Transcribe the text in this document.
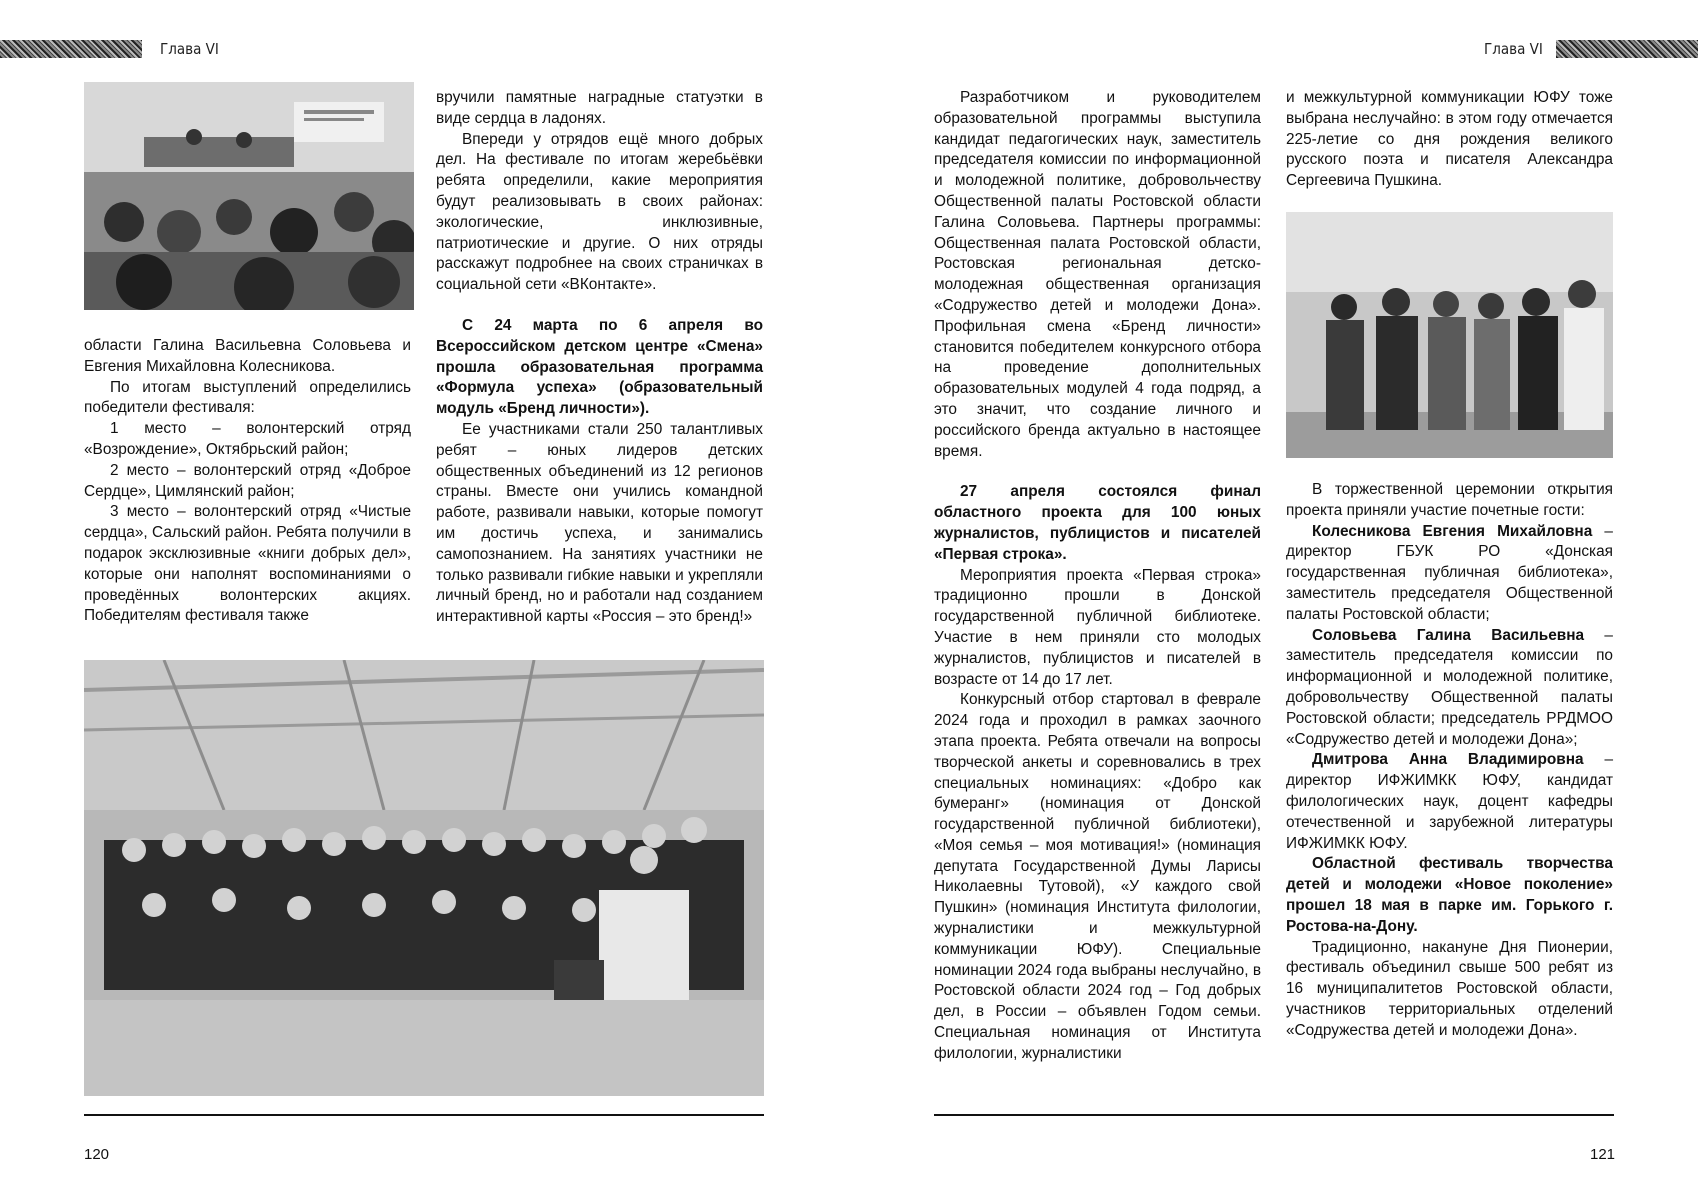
Глава VI	Глава VI

области Галина Васильевна Соловьева и Евгения Михайловна Колесникова.

По итогам выступлений определились победители фестиваля:

1 место – волонтерский отряд «Возрождение», Октябрьский район;

2 место – волонтерский отряд «Доброе Сердце», Цимлянский район;

3 место – волонтерский отряд «Чистые сердца», Сальский район. Ребята получили в подарок эксклюзивные «книги добрых дел», которые они наполнят воспоминаниями о проведённых волонтерских акциях. Победителям фестиваля также

вручили памятные наградные статуэтки в виде сердца в ладонях.

Впереди у отрядов ещё много добрых дел. На фестивале по итогам жеребьёвки ребята определили, какие мероприятия будут реализовывать в своих районах: экологические, инклюзивные, патриотические и другие. О них отряды расскажут подробнее на своих страничках в социальной сети «ВКонтакте».

С 24 марта по 6 апреля во Всероссийском детском центре «Смена» прошла образовательная программа «Формула успеха» (образовательный модуль «Бренд личности»).

Ее участниками стали 250 талантливых ребят – юных лидеров детских общественных объединений из 12 регионов страны. Вместе они учились командной работе, развивали навыки, которые помогут им достичь успеха, и занимались самопознанием. На занятиях участники не только развивали гибкие навыки и укрепляли личный бренд, но и работали над созданием интерактивной карты «Россия – это бренд!»

120

Разработчиком и руководителем образовательной программы выступила кандидат педагогических наук, заместитель председателя комиссии по информационной и молодежной политике, добровольчеству Общественной палаты Ростовской области Галина Соловьева. Партнеры программы: Общественная палата Ростовской области, Ростовская региональная детско-молодежная общественная организация «Содружество детей и молодежи Дона». Профильная смена «Бренд личности» становится победителем конкурсного отбора на проведение дополнительных образовательных модулей 4 года подряд, а это значит, что создание личного и российского бренда актуально в настоящее время.

27 апреля состоялся финал областного проекта для 100 юных журналистов, публицистов и писателей «Первая строка».

Мероприятия проекта «Первая строка» традиционно прошли в Донской государственной публичной библиотеке. Участие в нем приняли сто молодых журналистов, публицистов и писателей в возрасте от 14 до 17 лет.

Конкурсный отбор стартовал в феврале 2024 года и проходил в рамках заочного этапа проекта. Ребята отвечали на вопросы творческой анкеты и соревновались в трех специальных номинациях: «Добро как бумеранг» (номинация от Донской государственной публичной библиотеки), «Моя семья – моя мотивация!» (номинация депутата Государственной Думы Ларисы Николаевны Тутовой), «У каждого свой Пушкин» (номинация Института филологии, журналистики и межкультурной коммуникации ЮФУ). Специальные номинации 2024 года выбраны неслучайно, в Ростовской области 2024 год – Год добрых дел, в России – объявлен Годом семьи. Специальная номинация от Института филологии, журналистики

и межкультурной коммуникации ЮФУ тоже выбрана неслучайно: в этом году отмечается 225-летие со дня рождения великого русского поэта и писателя Александра Сергеевича Пушкина.

В торжественной церемонии открытия проекта приняли участие почетные гости:

Колесникова Евгения Михайловна – директор ГБУК РО «Донская государственная публичная библиотека», заместитель председателя Общественной палаты Ростовской области;

Соловьева Галина Васильевна – заместитель председателя комиссии по информационной и молодежной политике, добровольчеству Общественной палаты Ростовской области; председатель РРДМОО «Содружество детей и молодежи Дона»;

Дмитрова Анна Владимировна – директор ИФЖИМКК ЮФУ, кандидат филологических наук, доцент кафедры отечественной и зарубежной литературы ИФЖИМКК ЮФУ.

Областной фестиваль творчества детей и молодежи «Новое поколение» прошел 18 мая в парке им. Горького г. Ростова-на-Дону.

Традиционно, накануне Дня Пионерии, фестиваль объединил свыше 500 ребят из 16 муниципалитетов Ростовской области, участников территориальных отделений «Содружества детей и молодежи Дона».

121
